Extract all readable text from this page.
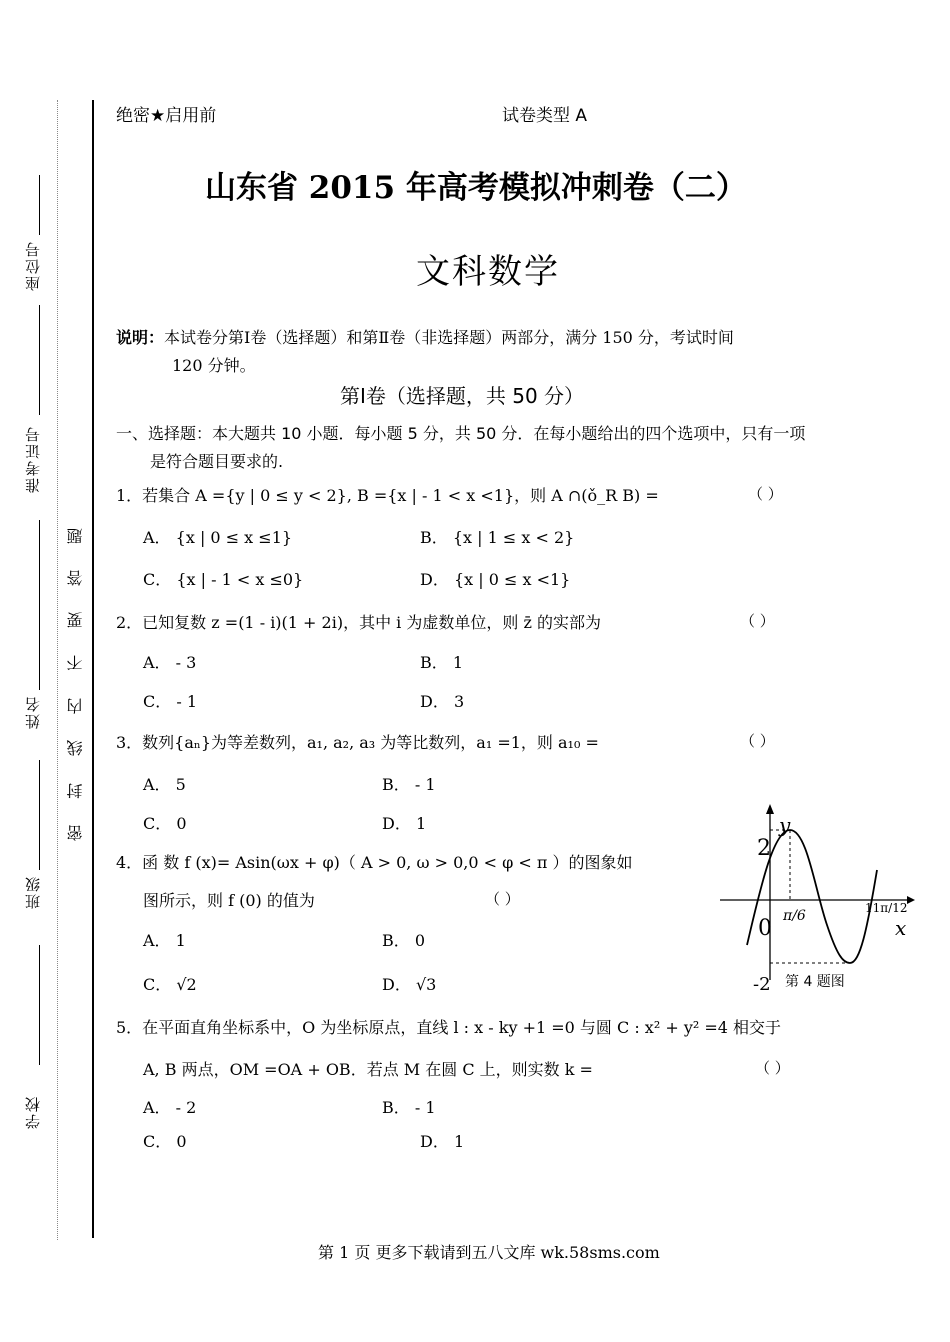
座位号
准考证号
姓名
班级
学校
题
答
要
不
内
线
封
密
绝密★启用前	试卷类型 A
山东省 2015 年高考模拟冲刺卷（二）
文科数学
说明：本试卷分第Ⅰ卷（选择题）和第Ⅱ卷（非选择题）两部分，满分 150 分，考试时间
120 分钟。
第Ⅰ卷（选择题，共 50 分）
一、选择题：本大题共 10 小题．每小题 5 分，共 50 分．在每小题给出的四个选项中，只有一项
是符合题目要求的.
1．若集合 A ={y | 0 ≤ y < 2}, B ={x | - 1 < x <1}，则 A ∩(ǒ_R B) =	（ ）
A． {x | 0 ≤ x ≤1}	B． {x | 1 ≤ x < 2}
C． {x | - 1 < x ≤0}	D． {x | 0 ≤ x <1}
2．已知复数 z =(1 - i)(1 + 2i)，其中 i 为虚数单位，则 z̄ 的实部为	（ ）
A． - 3	B． 1
C． - 1	D． 3
3．数列{aₙ}为等差数列，a₁, a₂, a₃ 为等比数列，a₁ =1，则 a₁₀ =	（ ）
A． 5	B． - 1
C． 0	D． 1
4．函 数 f (x)= Asin(ωx + φ)（ A > 0, ω > 0,0 < φ < π ）的图象如
图所示，则 f (0) 的值为	（ ）
A． 1	B． 0
C． √2	D． √3
2
y
0 π/6	11π/12
x
-2 第 4 题图
5．在平面直角坐标系中，O 为坐标原点，直线 l : x - ky +1 =0 与圆 C : x² + y² =4 相交于
A, B 两点，OM =OA + OB．若点 M 在圆 C 上，则实数 k =	（ ）
A． - 2	B． - 1
C． 0	D． 1
第 1 页 更多下载请到五八文库 wk.58sms.com
